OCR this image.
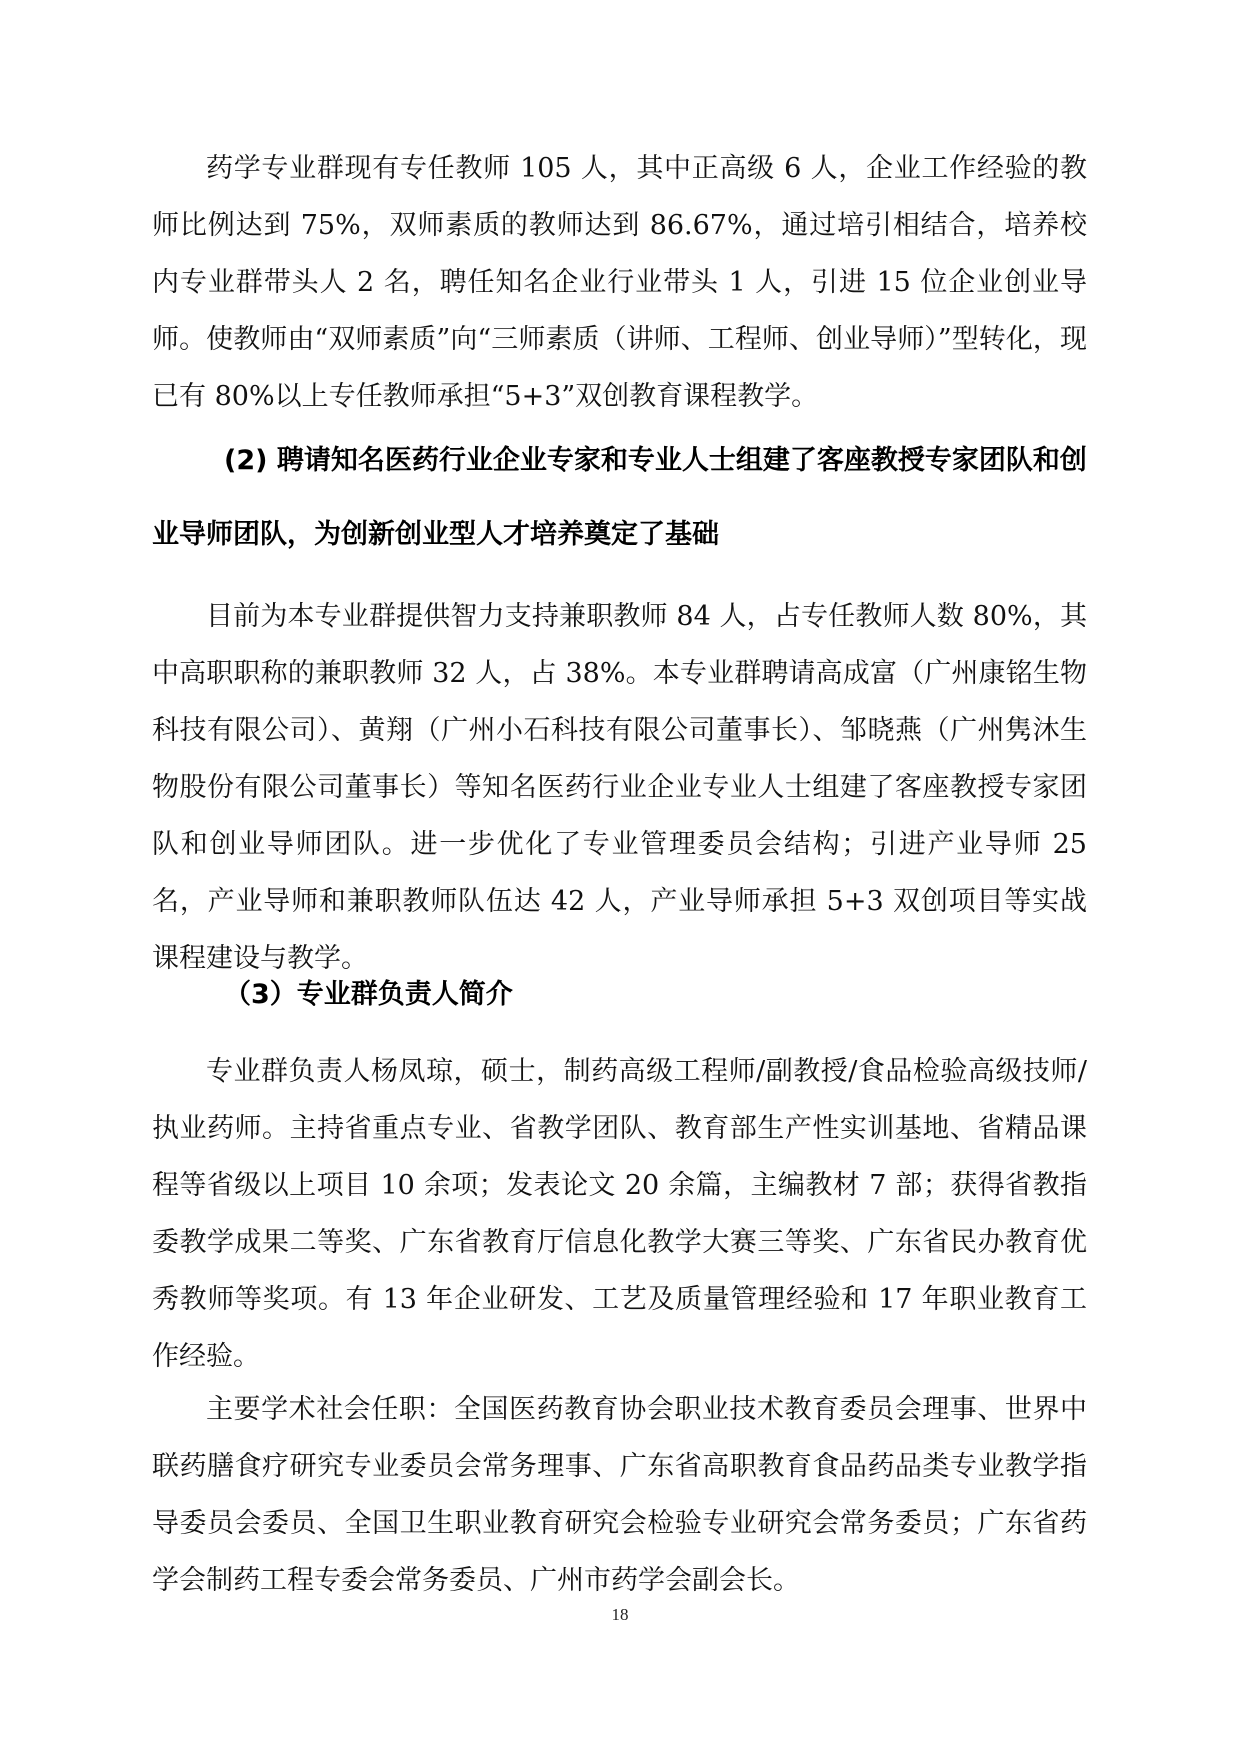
药学专业群现有专任教师 105 人，其中正高级 6 人，企业工作经验的教师比例达到 75%，双师素质的教师达到 86.67%，通过培引相结合，培养校内专业群带头人 2 名，聘任知名企业行业带头 1 人，引进 15 位企业创业导师。使教师由“双师素质”向“三师素质（讲师、工程师、创业导师）”型转化，现已有 80%以上专任教师承担“5+3”双创教育课程教学。

(2) 聘请知名医药行业企业专家和专业人士组建了客座教授专家团队和创业导师团队，为创新创业型人才培养奠定了基础

目前为本专业群提供智力支持兼职教师 84 人，占专任教师人数 80%，其中高职职称的兼职教师 32 人，占 38%。本专业群聘请高成富（广州康铭生物科技有限公司）、黄翔（广州小石科技有限公司董事长）、邹晓燕（广州隽沐生物股份有限公司董事长）等知名医药行业企业专业人士组建了客座教授专家团队和创业导师团队。进一步优化了专业管理委员会结构；引进产业导师 25 名，产业导师和兼职教师队伍达 42 人，产业导师承担 5+3 双创项目等实战课程建设与教学。

（3）专业群负责人简介

专业群负责人杨凤琼，硕士，制药高级工程师/副教授/食品检验高级技师/执业药师。主持省重点专业、省教学团队、教育部生产性实训基地、省精品课程等省级以上项目 10 余项；发表论文 20 余篇，主编教材 7 部；获得省教指委教学成果二等奖、广东省教育厅信息化教学大赛三等奖、广东省民办教育优秀教师等奖项。有 13 年企业研发、工艺及质量管理经验和 17 年职业教育工作经验。

主要学术社会任职：全国医药教育协会职业技术教育委员会理事、世界中联药膳食疗研究专业委员会常务理事、广东省高职教育食品药品类专业教学指导委员会委员、全国卫生职业教育研究会检验专业研究会常务委员；广东省药学会制药工程专委会常务委员、广州市药学会副会长。

18
